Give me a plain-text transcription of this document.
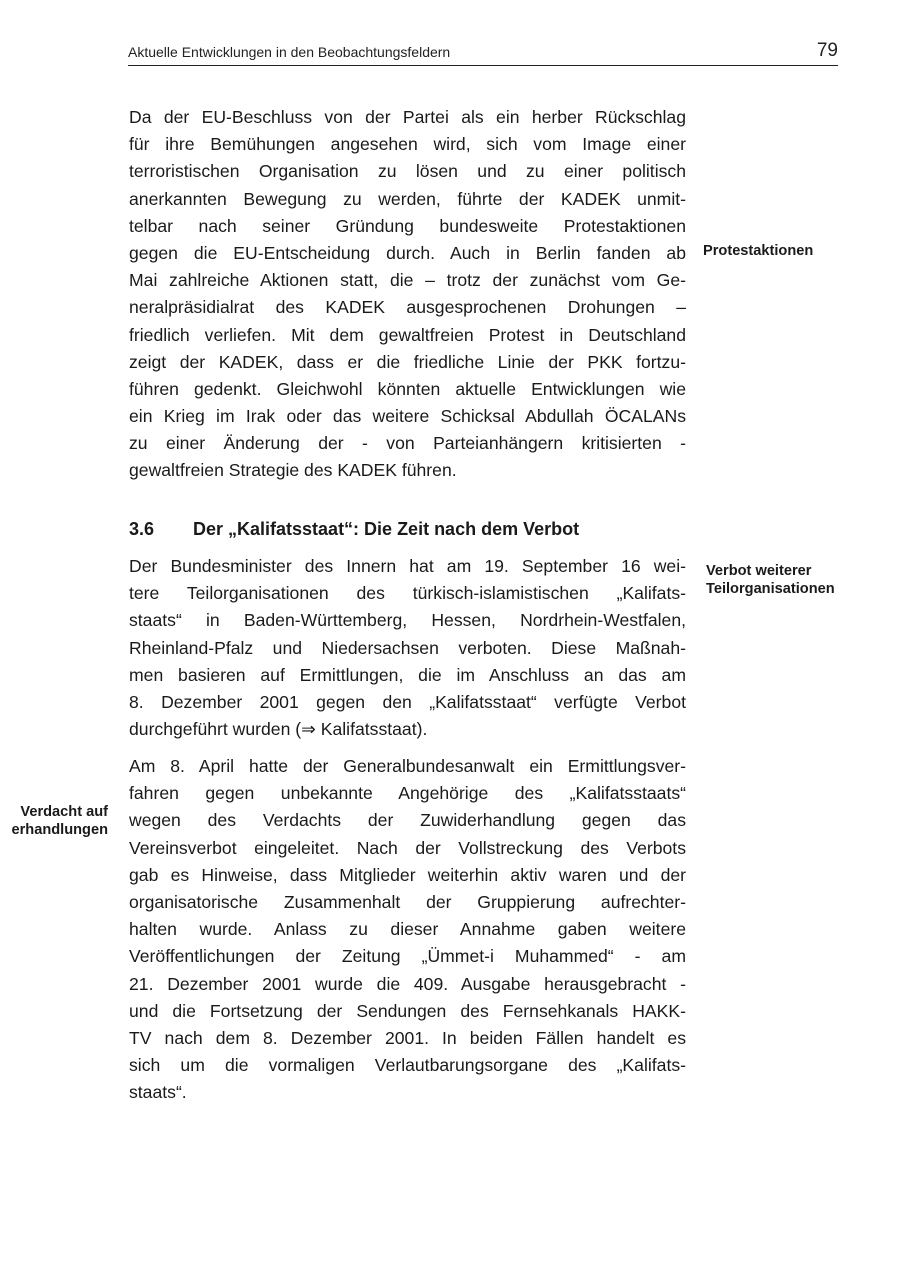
Aktuelle Entwicklungen in den Beobachtungsfeldern	79
Da der EU-Beschluss von der Partei als ein herber Rückschlag
für ihre Bemühungen angesehen wird, sich vom Image einer
terroristischen Organisation zu lösen und zu einer politisch
anerkannten Bewegung zu werden, führte der KADEK unmit-
telbar nach seiner Gründung bundesweite Protestaktionen
gegen die EU-Entscheidung durch. Auch in Berlin fanden ab
Mai zahlreiche Aktionen statt, die – trotz der zunächst vom Ge-
neralpräsidialrat des KADEK ausgesprochenen Drohungen –
friedlich verliefen. Mit dem gewaltfreien Protest in Deutschland
zeigt der KADEK, dass er die friedliche Linie der PKK fortzu-
führen gedenkt. Gleichwohl könnten aktuelle Entwicklungen wie
ein Krieg im Irak oder das weitere Schicksal Abdullah ÖCALANs
zu einer Änderung der - von Parteianhängern kritisierten -
gewaltfreien Strategie des KADEK führen.
3.6 Der „Kalifatsstaat“: Die Zeit nach dem Verbot
Der Bundesminister des Innern hat am 19. September 16 wei-
tere Teilorganisationen des türkisch-islamistischen „Kalifats-
staats“ in Baden-Württemberg, Hessen, Nordrhein-Westfalen,
Rheinland-Pfalz und Niedersachsen verboten. Diese Maßnah-
men basieren auf Ermittlungen, die im Anschluss an das am
8. Dezember 2001 gegen den „Kalifatsstaat“ verfügte Verbot
durchgeführt wurden (⇒ Kalifatsstaat).
Am 8. April hatte der Generalbundesanwalt ein Ermittlungsver-
fahren gegen unbekannte Angehörige des „Kalifatsstaats“
wegen des Verdachts der Zuwiderhandlung gegen das
Vereinsverbot eingeleitet. Nach der Vollstreckung des Verbots
gab es Hinweise, dass Mitglieder weiterhin aktiv waren und der
organisatorische Zusammenhalt der Gruppierung aufrechter-
halten wurde. Anlass zu dieser Annahme gaben weitere
Veröffentlichungen der Zeitung „Ümmet-i Muhammed“ - am
21. Dezember 2001 wurde die 409. Ausgabe herausgebracht -
und die Fortsetzung der Sendungen des Fernsehkanals HAKK-
TV nach dem 8. Dezember 2001. In beiden Fällen handelt es
sich um die vormaligen Verlautbarungsorgane des „Kalifats-
staats“.
Protestaktionen
Verbot weiterer
Teilorganisationen
Verdacht auf
erhandlungen
